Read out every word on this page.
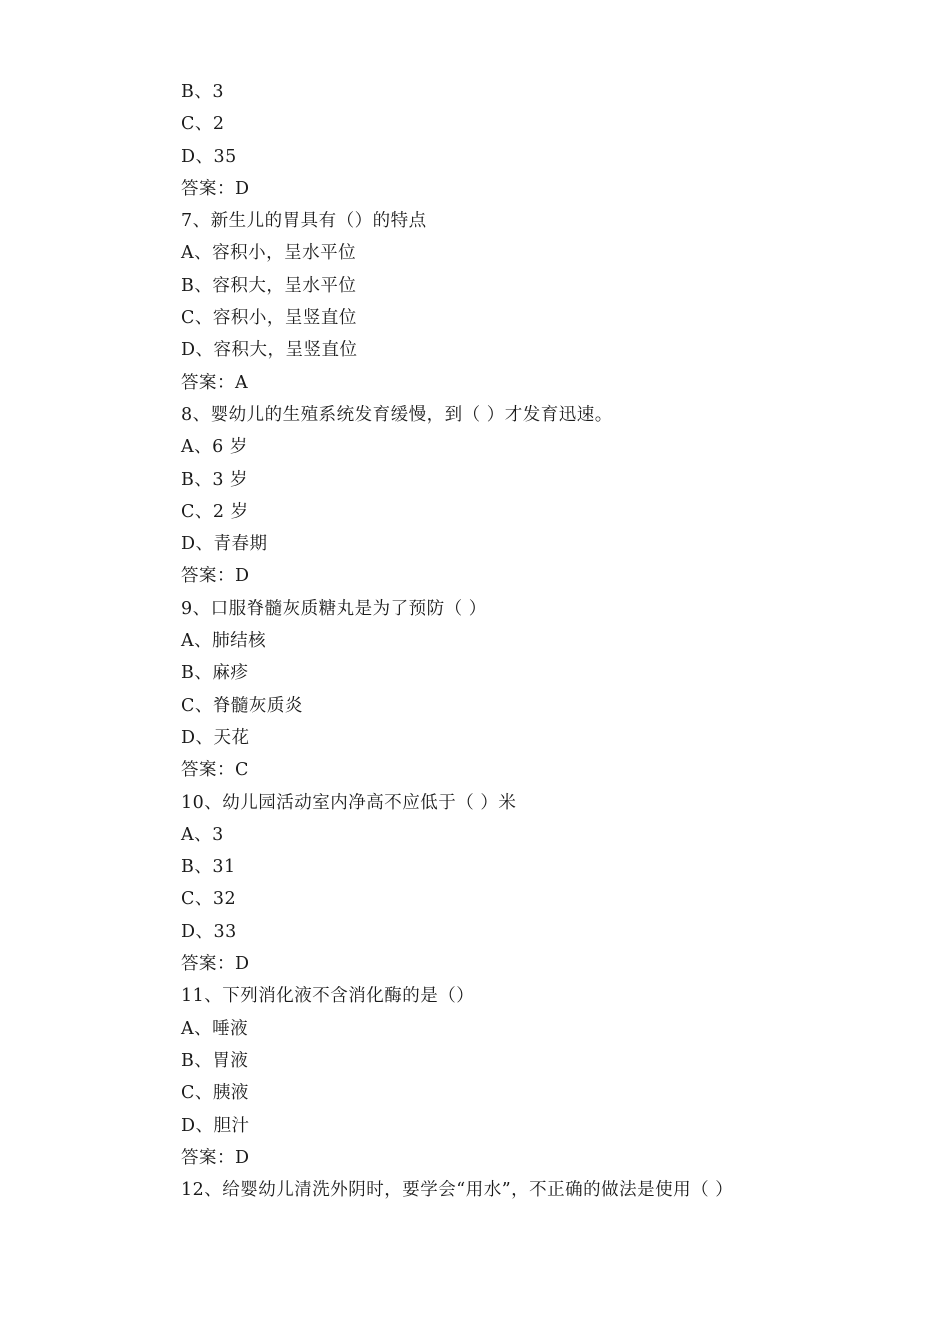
B、3
C、2
D、35
答案：D
7、新生儿的胃具有（）的特点
A、容积小，呈水平位
B、容积大，呈水平位
C、容积小，呈竖直位
D、容积大，呈竖直位
答案：A
8、婴幼儿的生殖系统发育缓慢，到（ ）才发育迅速。
A、6 岁
B、3 岁
C、2 岁
D、青春期
答案：D
9、口服脊髓灰质糖丸是为了预防（ ）
A、肺结核
B、麻疹
C、脊髓灰质炎
D、天花
答案：C
10、幼儿园活动室内净高不应低于（ ）米
A、3
B、31
C、32
D、33
答案：D
11、下列消化液不含消化酶的是（）
A、唾液
B、胃液
C、胰液
D、胆汁
答案：D
12、给婴幼儿清洗外阴时，要学会“用水”，不正确的做法是使用（ ）
